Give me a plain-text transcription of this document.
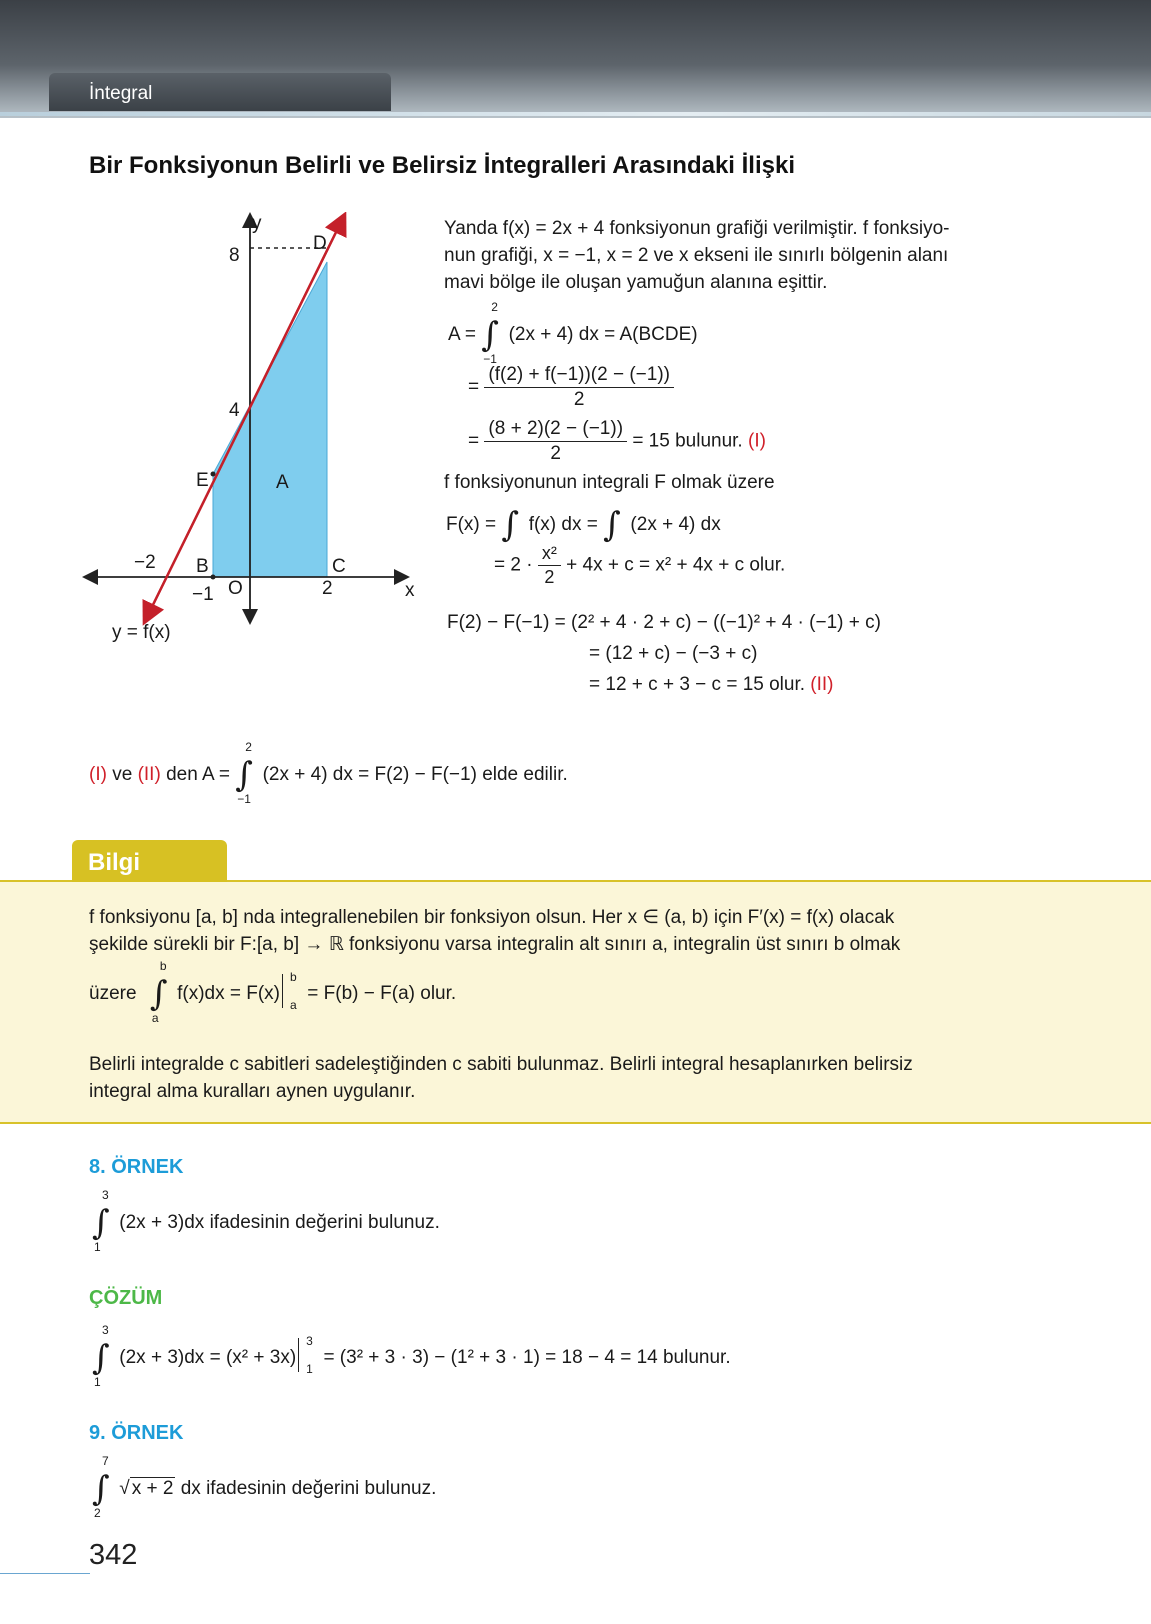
İntegral
Bir Fonksiyonun Belirli ve Belirsiz İntegralleri Arasındaki İlişki
y
x
8
4
−2
−1 O	2
D
E
B	C
A
y = f(x)
Yanda f(x) = 2x + 4 fonksiyonun grafiği verilmiştir. f fonksiyo-
nun grafiği, x = −1, x = 2 ve x ekseni ile sınırlı bölgenin alanı
mavi bölge ile oluşan yamuğun alanına eşittir.
A = ∫
2
−1
(2x + 4) dx = A(BCDE)
= $\frac{(f(2) + f(-1))(2 - (-1))}{2}$
= $\frac{(8 + 2)(2 - (-1))}{2} = 15$ bulunur. (I)
f fonksiyonunun integrali F olmak üzere
F(x) = ∫ f(x) dx = ∫ (2x + 4) dx
= $2 \cdot \frac{\text{x²}}{2} + 4x + c = x^2 + 4x + c$ olur.
F(2) − F(−1) = (2² + 4 · 2 + c) − ((−1)² + 4 · (−1) + c)
= (12 + c) − (−3 + c)
= 12 + c + 3 − c = 15 olur. (II)
(I) ve (II) den A = ∫
2
−1
(2x + 4) dx = F(2) − F(−1) elde edilir.
Bilgi
f fonksiyonu [a, b] nda integrallenebilen bir fonksiyon olsun. Her x ∈ (a, b) için F′(x) = f(x) olacak
şekilde sürekli bir F:[a, b] → ℝ fonksiyonu varsa integralin alt sınırı a, integralin üst sınırı b olmak
üzere ∫
b
a
f(x)dx = F(x)
b
a
= F(b) − F(a) olur.
Belirli integralde c sabitleri sadeleştiğinden c sabiti bulunmaz. Belirli integral hesaplanırken belirsiz
integral alma kuralları aynen uygulanır.
8. ÖRNEK
∫
3
1
(2x + 3)dx ifadesinin değerini bulunuz.
ÇÖZÜM
∫
3
1
(2x + 3)dx = (x² + 3x)
3
1
= (3² + 3 · 3) − (1² + 3 · 1) = 18 − 4 = 14 bulunur.
9. ÖRNEK
∫
7
2
√ x + 2 dx ifadesinin değerini bulunuz.
342
